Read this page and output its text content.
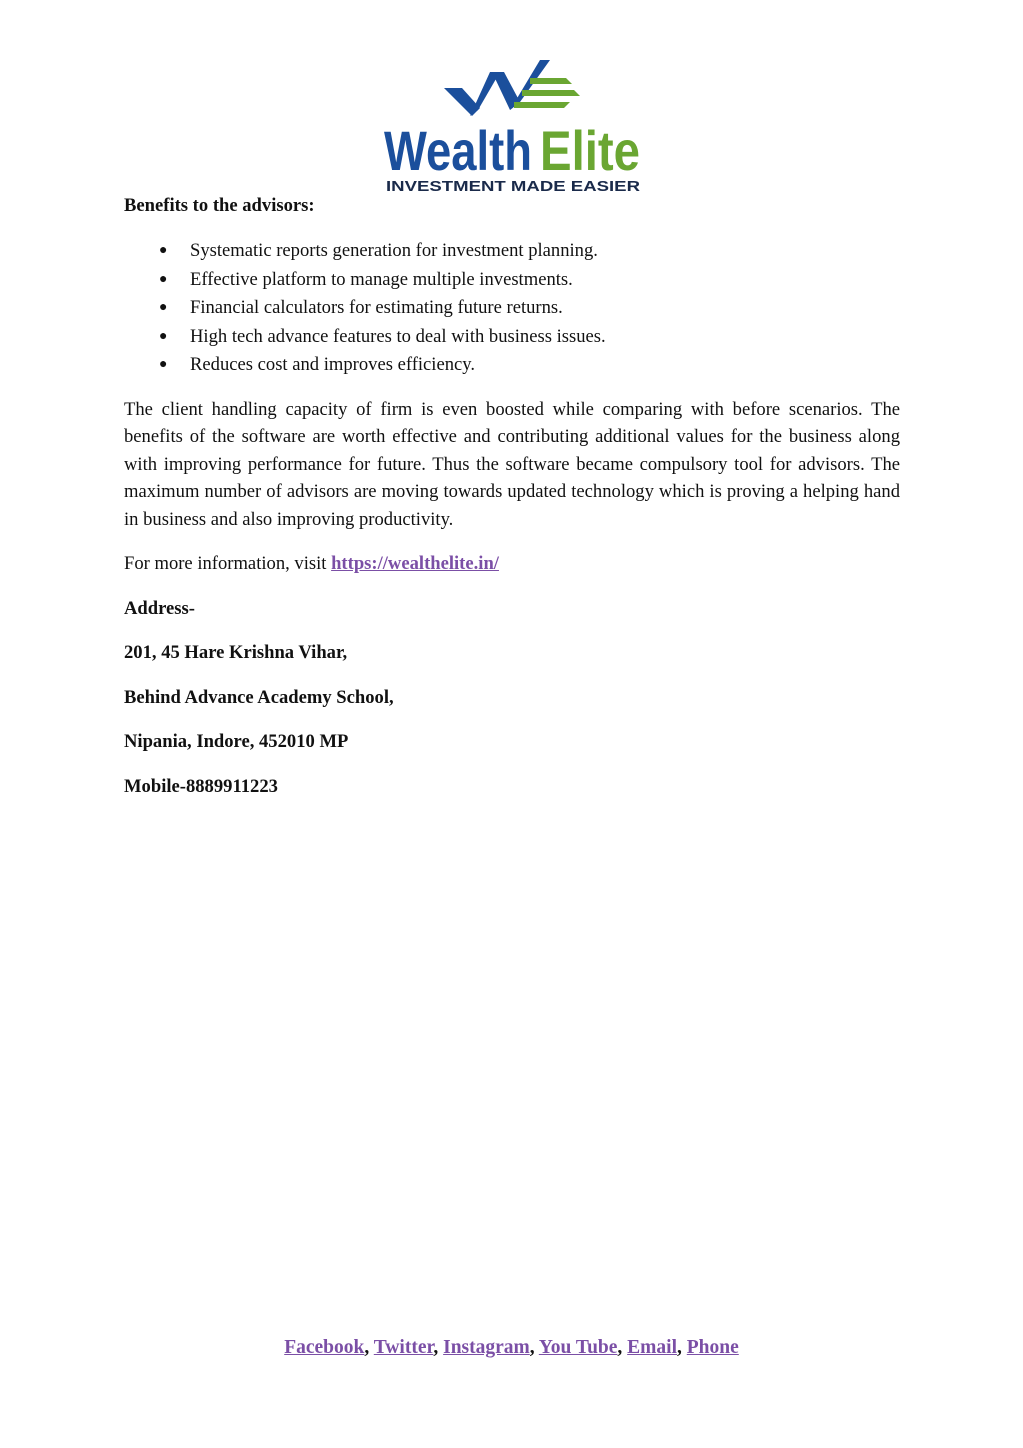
Wealth Elite
INVESTMENT MADE EASIER
Benefits to the advisors:
● Systematic reports generation for investment planning.
● Effective platform to manage multiple investments.
● Financial calculators for estimating future returns.
● High tech advance features to deal with business issues.
● Reduces cost and improves efficiency.

The client handling capacity of firm is even boosted while comparing with before scenarios. The benefits of the software are worth effective and contributing additional values for the business along with improving performance for future. Thus the software became compulsory tool for advisors. The maximum number of advisors are moving towards updated technology which is proving a helping hand in business and also improving productivity.

For more information, visit https://wealthelite.in/

Address-

201, 45 Hare Krishna Vihar,

Behind Advance Academy School,

Nipania, Indore, 452010 MP

Mobile-8889911223

Facebook, Twitter, Instagram, You Tube, Email, Phone
